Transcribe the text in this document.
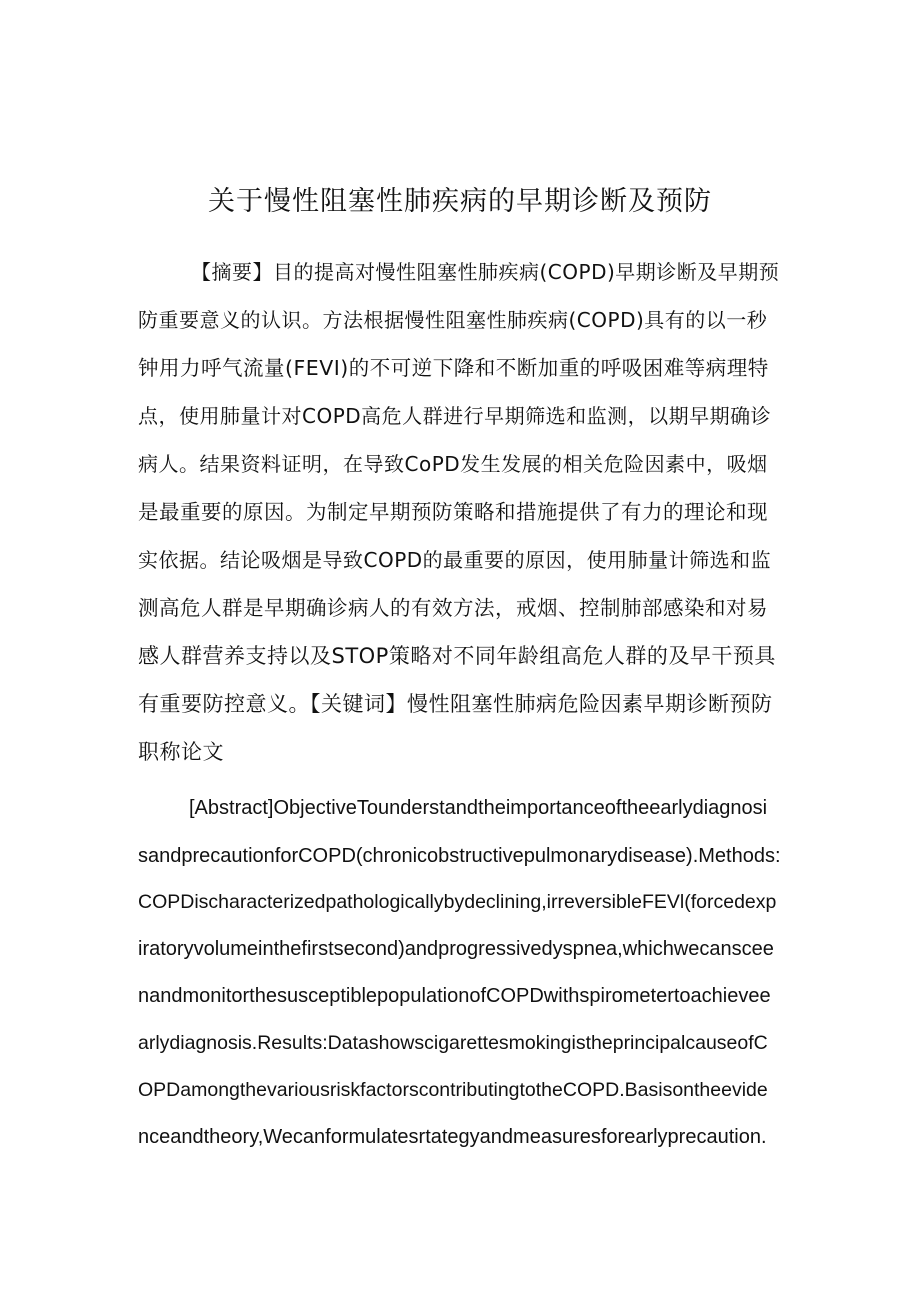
关于慢性阻塞性肺疾病的早期诊断及预防
【摘要】目的提高对慢性阻塞性肺疾病(COPD)早期诊断及早期预
防重要意义的认识。方法根据慢性阻塞性肺疾病(COPD)具有的以一秒
钟用力呼气流量(FEVI)的不可逆下降和不断加重的呼吸困难等病理特
点，使用肺量计对COPD高危人群进行早期筛选和监测，以期早期确诊
病人。结果资料证明，在导致CoPD发生发展的相关危险因素中，吸烟
是最重要的原因。为制定早期预防策略和措施提供了有力的理论和现
实依据。结论吸烟是导致COPD的最重要的原因，使用肺量计筛选和监
测高危人群是早期确诊病人的有效方法，戒烟、控制肺部感染和对易
感人群营养支持以及STOP策略对不同年龄组高危人群的及早干预具
有重要防控意义。【关键词】慢性阻塞性肺病危险因素早期诊断预防
职称论文
[Abstract]ObjectiveTounderstandtheimportanceoftheearlydiagnosi
sandprecautionforCOPD(chronicobstructivepulmonarydisease).Methods:
COPDischaracterizedpathologicallybydeclining,irreversibleFEVl(forcedexp
iratoryvolumeinthefirstsecond)andprogressivedyspnea,whichwecanscee
nandmonitorthesusceptiblepopulationofCOPDwithspirometertoachievee
arlydiagnosis.Results:DatashowscigarettesmokingistheprincipalcauseofC
OPDamongthevariousriskfactorscontributingtotheCOPD.Basisontheevide
nceandtheory,Wecanformulatesrtategyandmeasuresforearlyprecaution.
